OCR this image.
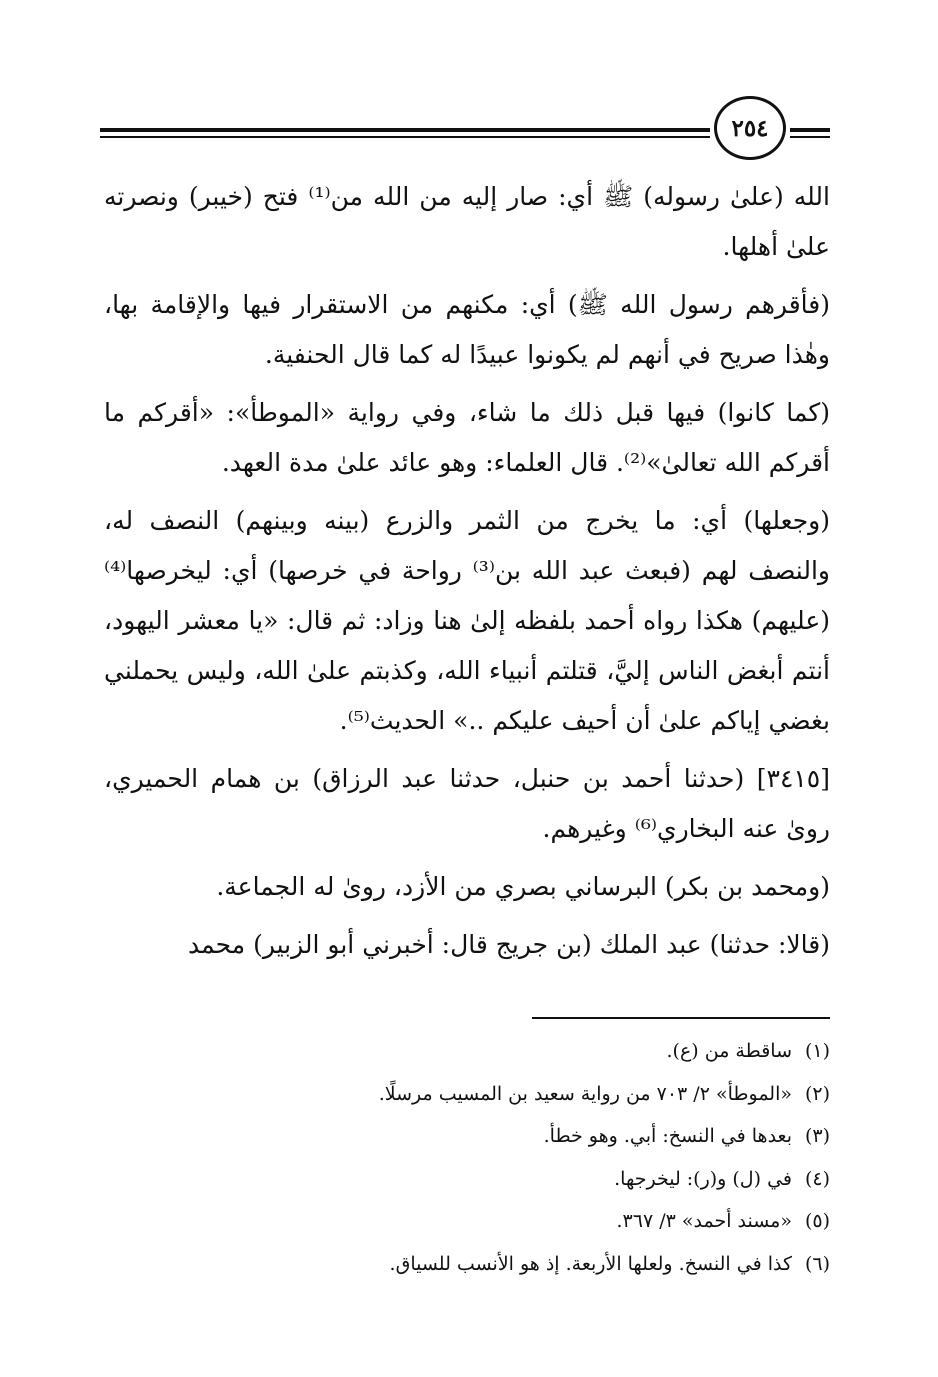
٢٥٤

الله (علىٰ رسوله) ﷺ أي: صار إليه من الله من⁽¹⁾ فتح (خيبر) ونصرته علىٰ أهلها.

(فأقرهم رسول الله ﷺ) أي: مكنهم من الاستقرار فيها والإقامة بها، وهٰذا صريح في أنهم لم يكونوا عبيدًا له كما قال الحنفية.

(كما كانوا) فيها قبل ذلك ما شاء، وفي رواية «الموطأ»: «أقركم ما أقركم الله تعالىٰ»⁽²⁾. قال العلماء: وهو عائد علىٰ مدة العهد.

(وجعلها) أي: ما يخرج من الثمر والزرع (بينه وبينهم) النصف له، والنصف لهم (فبعث عبد الله بن⁽³⁾ رواحة في خرصها) أي: ليخرصها⁽⁴⁾ (عليهم) هكذا رواه أحمد بلفظه إلىٰ هنا وزاد: ثم قال: «يا معشر اليهود، أنتم أبغض الناس إليَّ، قتلتم أنبياء الله، وكذبتم علىٰ الله، وليس يحملني بغضي إياكم علىٰ أن أحيف عليكم ..» الحديث⁽⁵⁾.

[٣٤١٥] (حدثنا أحمد بن حنبل، حدثنا عبد الرزاق) بن همام الحميري، روىٰ عنه البخاري⁽⁶⁾ وغيرهم.

(ومحمد بن بكر) البرساني بصري من الأزد، روىٰ له الجماعة.

(قالا: حدثنا) عبد الملك (بن جريج قال: أخبرني أبو الزبير) محمد

(١)ساقطة من (ع).
(٢)«الموطأ» ٢/ ٧٠٣ من رواية سعيد بن المسيب مرسلًا.
(٣)بعدها في النسخ: أبي. وهو خطأ.
(٤)في (ل) و(ر): ليخرجها.
(٥)«مسند أحمد» ٣/ ٣٦٧.
(٦)كذا في النسخ. ولعلها الأربعة. إذ هو الأنسب للسياق.
